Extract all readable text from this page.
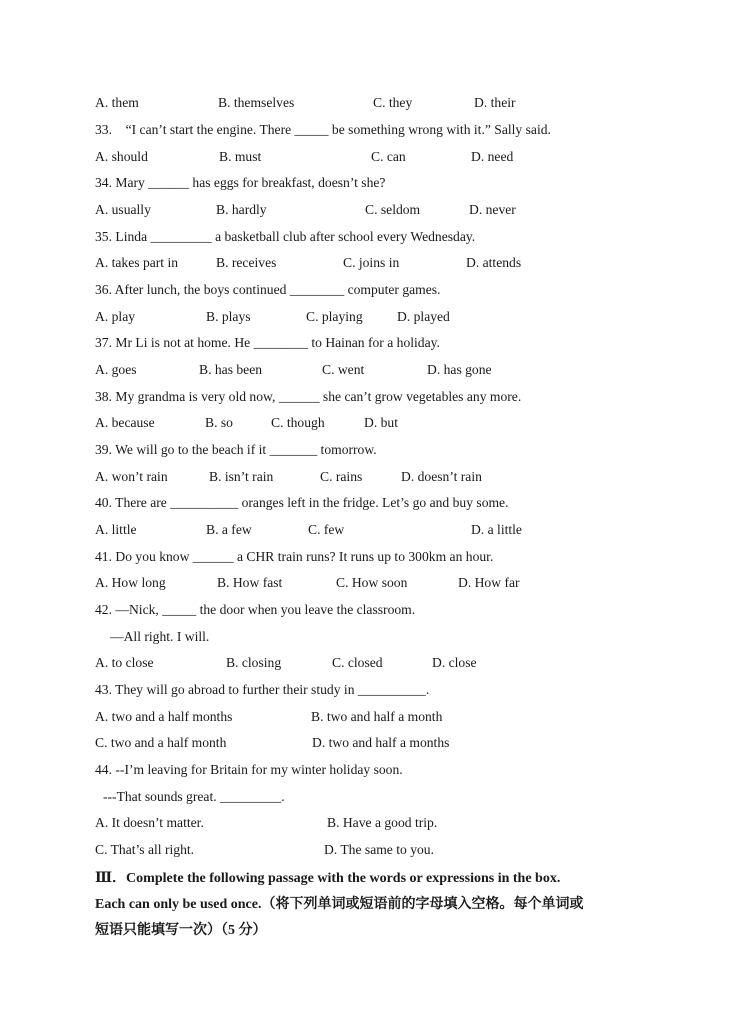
A. them	B. themselves	C. they	D. their
33.　“I can’t start the engine. There _____ be something wrong with it.” Sally said.
A. should	B. must	C. can	D. need
34. Mary ______ has eggs for breakfast, doesn’t she?
A. usually	B. hardly	C. seldom	D. never
35. Linda _________ a basketball club after school every Wednesday.
A. takes part in	B. receives	C. joins in	D. attends
36. After lunch, the boys continued ________ computer games.
A. play	B. plays	C. playing	D. played
37. Mr Li is not at home. He ________ to Hainan for a holiday.
A. goes	B. has been	C. went	D. has gone
38. My grandma is very old now, ______ she can’t grow vegetables any more.
A. because	B. so	C. though	D. but
39. We will go to the beach if it _______ tomorrow.
A. won’t rain	B. isn’t rain	C. rains	D. doesn’t rain
40. There are __________ oranges left in the fridge. Let’s go and buy some.
A. little	B. a few	C. few	D. a little
41. Do you know ______ a CHR train runs? It runs up to 300km an hour.
A. How long	B. How fast	C. How soon	D. How far
42. —Nick, _____ the door when you leave the classroom.
—All right. I will.
A. to close	B. closing	C. closed	D. close
43. They will go abroad to further their study in __________.
A. two and a half months	B. two and half a month
C. two and a half month	D. two and half a months
44. --I’m leaving for Britain for my winter holiday soon.
---That sounds great. _________.
A. It doesn’t matter.	B. Have a good trip.
C. That’s all right.	D. The same to you.
Ⅲ．Complete the following passage with the words or expressions in the box.
Each can only be used once.（将下列单词或短语前的字母填入空格。每个单词或
短语只能填写一次）（5 分）
